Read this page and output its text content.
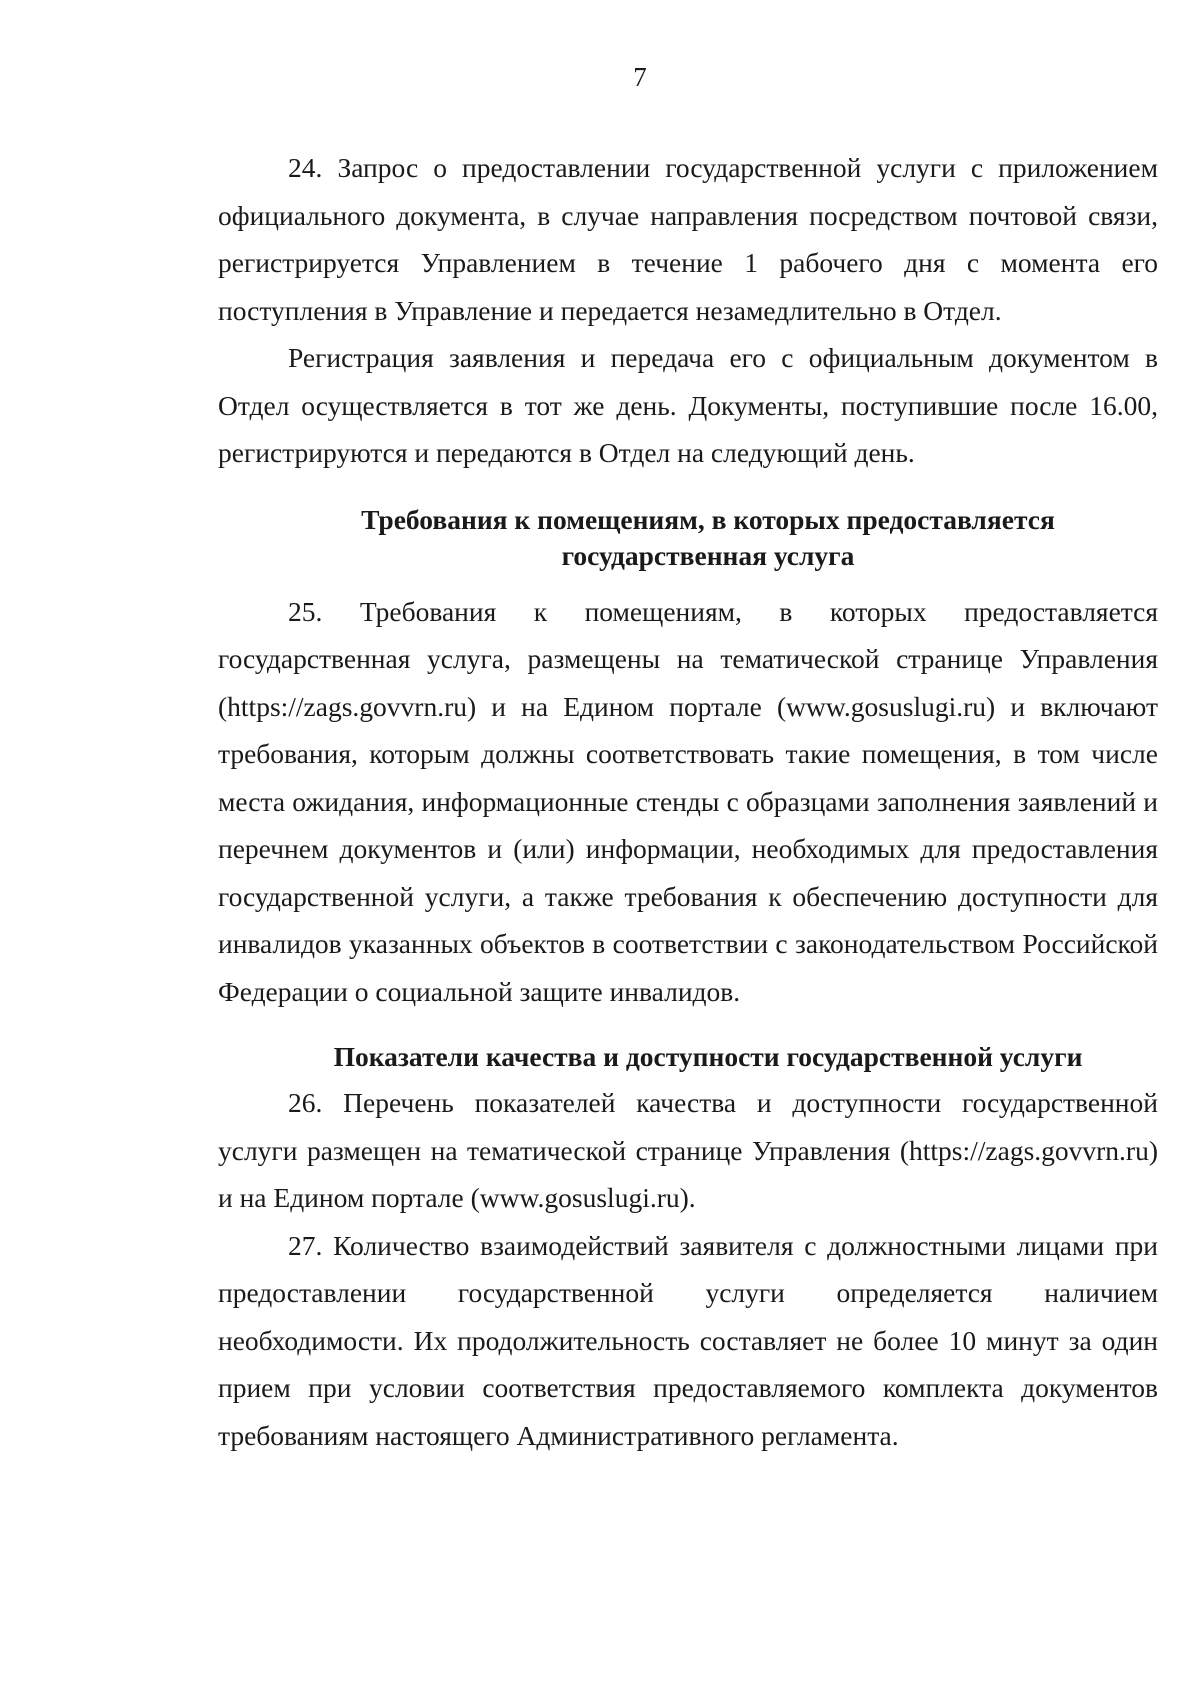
7

24. Запрос о предоставлении государственной услуги с приложением официального документа, в случае направления посредством почтовой связи, регистрируется Управлением в течение 1 рабочего дня с момента его поступления в Управление и передается незамедлительно в Отдел.

Регистрация заявления и передача его с официальным документом в Отдел осуществляется в тот же день. Документы, поступившие после 16.00, регистрируются и передаются в Отдел на следующий день.

Требования к помещениям, в которых предоставляется
государственная услуга

25. Требования к помещениям, в которых предоставляется государственная услуга, размещены на тематической странице Управления (https://zags.govvrn.ru) и на Едином портале (www.gosuslugi.ru) и включают требования, которым должны соответствовать такие помещения, в том числе места ожидания, информационные стенды с образцами заполнения заявлений и перечнем документов и (или) информации, необходимых для предоставления государственной услуги, а также требования к обеспечению доступности для инвалидов указанных объектов в соответствии с законодательством Российской Федерации о социальной защите инвалидов.

Показатели качества и доступности государственной услуги

26. Перечень показателей качества и доступности государственной услуги размещен на тематической странице Управления (https://zags.govvrn.ru) и на Едином портале (www.gosuslugi.ru).

27. Количество взаимодействий заявителя с должностными лицами при предоставлении государственной услуги определяется наличием необходимости. Их продолжительность составляет не более 10 минут за один прием при условии соответствия предоставляемого комплекта документов требованиям настоящего Административного регламента.
